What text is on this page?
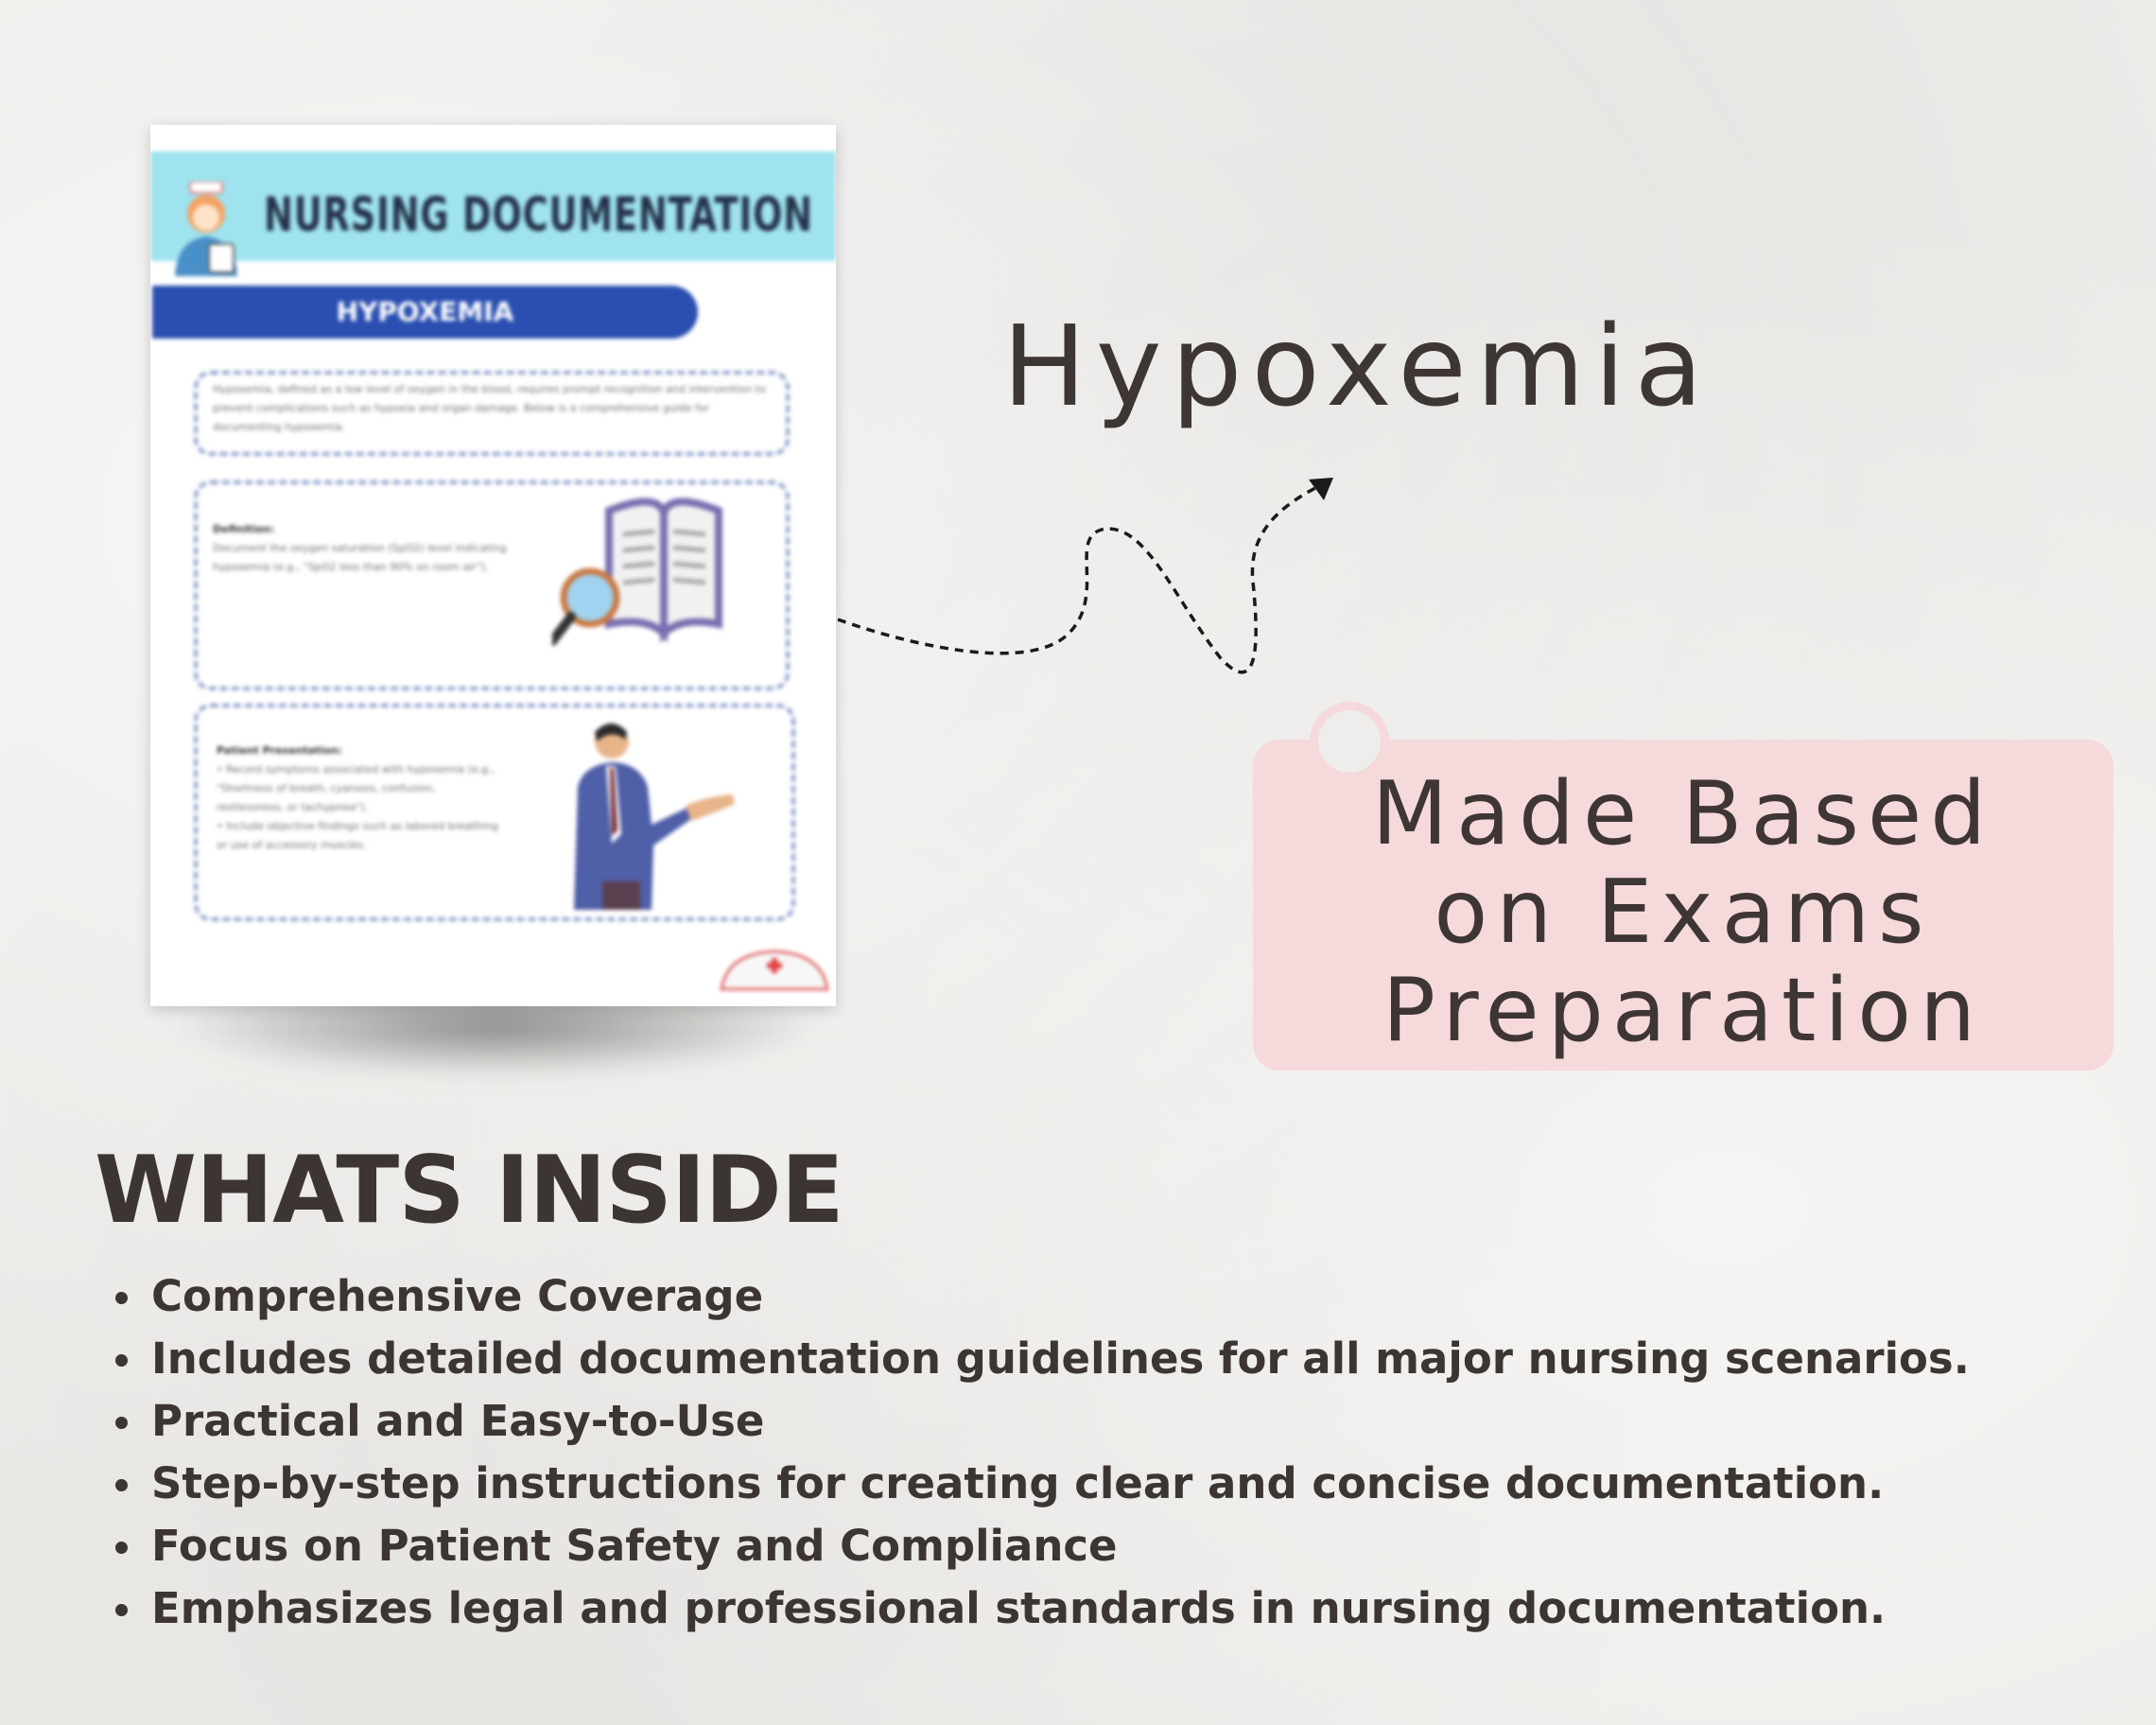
NURSING DOCUMENTATION
HYPOXEMIA
Hypoxemia, defined as a low level of oxygen in the blood, requires prompt recognition and intervention to prevent complications such as hypoxia and organ damage. Below is a comprehensive guide for documenting hypoxemia.
Definition:
Document the oxygen saturation (SpO2) level indicating hypoxemia (e.g., "SpO2 less than 90% on room air").
Patient Presentation:
• Record symptoms associated with hypoxemia (e.g., "Shortness of breath, cyanosis, confusion, restlessness, or tachypnea").
• Include objective findings such as labored breathing or use of accessory muscles.
Hypoxemia
Made Based
on Exams
Preparation
WHATS INSIDE
Comprehensive Coverage
Includes detailed documentation guidelines for all major nursing scenarios.
Practical and Easy-to-Use
Step-by-step instructions for creating clear and concise documentation.
Focus on Patient Safety and Compliance
Emphasizes legal and professional standards in nursing documentation.
